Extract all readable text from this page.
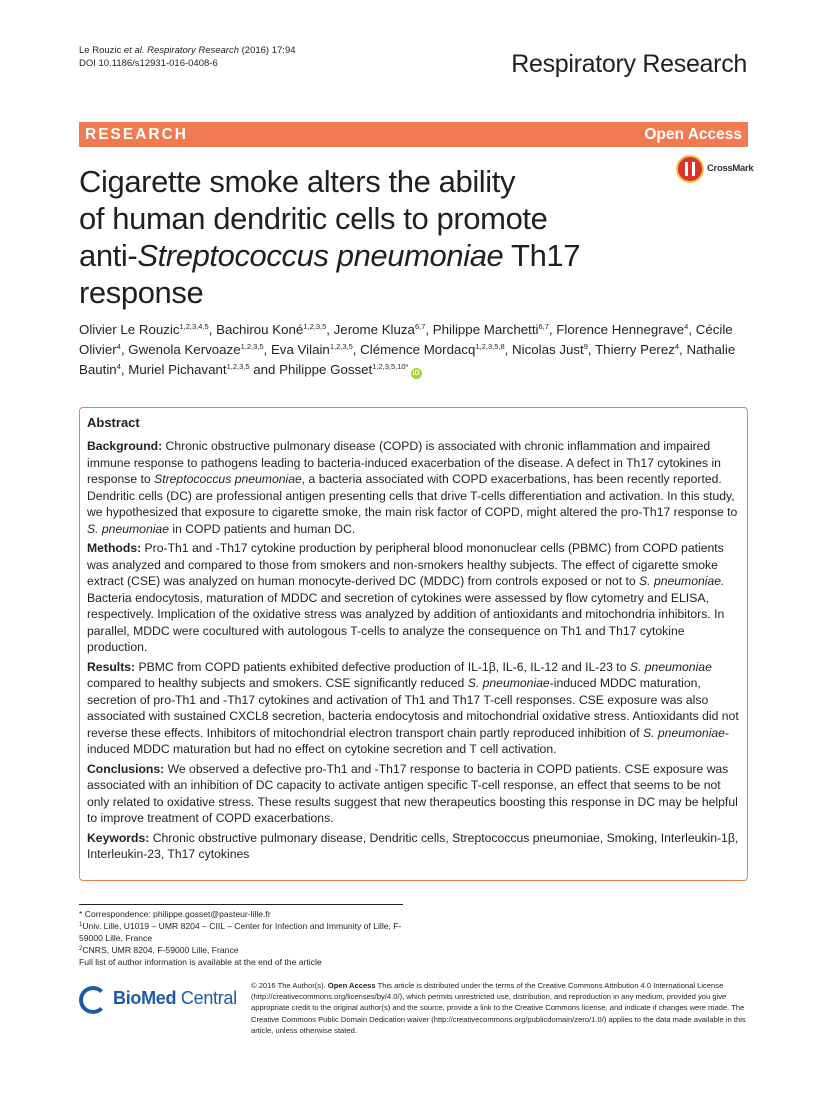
Le Rouzic et al. Respiratory Research (2016) 17:94
DOI 10.1186/s12931-016-0408-6	Respiratory Research
RESEARCH	Open Access
Cigarette smoke alters the ability
of human dendritic cells to promote
anti-Streptococcus pneumoniae Th17
response
CrossMark
Olivier Le Rouzic$^{1,2,3,4,5}$, Bachirou Koné$^{1,2,3,5}$, Jerome Kluza$^{6,7}$, Philippe Marchetti$^{6,7}$, Florence Hennegrave$^4$, Cécile Olivier$^4$, Gwenola Kervoaze$^{1,2,3,5}$, Eva Vilain$^{1,2,3,5}$, Clémence Mordacq$^{1,2,3,5,8}$, Nicolas Just$^9$, Thierry Perez$^4$, Nathalie Bautin$^4$, Muriel Pichavant$^{1,2,3,5}$ and Philippe Gosset$^{1,2,3,5,10*}$iD
Abstract

Background: Chronic obstructive pulmonary disease (COPD) is associated with chronic inflammation and impaired immune response to pathogens leading to bacteria-induced exacerbation of the disease. A defect in Th17 cytokines in response to Streptococcus pneumoniae, a bacteria associated with COPD exacerbations, has been recently reported. Dendritic cells (DC) are professional antigen presenting cells that drive T-cells differentiation and activation. In this study, we hypothesized that exposure to cigarette smoke, the main risk factor of COPD, might altered the pro-Th17 response to S. pneumoniae in COPD patients and human DC.

Methods: Pro-Th1 and -Th17 cytokine production by peripheral blood mononuclear cells (PBMC) from COPD patients was analyzed and compared to those from smokers and non-smokers healthy subjects. The effect of cigarette smoke extract (CSE) was analyzed on human monocyte-derived DC (MDDC) from controls exposed or not to S. pneumoniae. Bacteria endocytosis, maturation of MDDC and secretion of cytokines were assessed by flow cytometry and ELISA, respectively. Implication of the oxidative stress was analyzed by addition of antioxidants and mitochondria inhibitors. In parallel, MDDC were cocultured with autologous T-cells to analyze the consequence on Th1 and Th17 cytokine production.

Results: PBMC from COPD patients exhibited defective production of IL-1β, IL-6, IL-12 and IL-23 to S. pneumoniae compared to healthy subjects and smokers. CSE significantly reduced S. pneumoniae-induced MDDC maturation, secretion of pro-Th1 and -Th17 cytokines and activation of Th1 and Th17 T-cell responses. CSE exposure was also associated with sustained CXCL8 secretion, bacteria endocytosis and mitochondrial oxidative stress. Antioxidants did not reverse these effects. Inhibitors of mitochondrial electron transport chain partly reproduced inhibition of S. pneumoniae-induced MDDC maturation but had no effect on cytokine secretion and T cell activation.

Conclusions: We observed a defective pro-Th1 and -Th17 response to bacteria in COPD patients. CSE exposure was associated with an inhibition of DC capacity to activate antigen specific T-cell response, an effect that seems to be not only related to oxidative stress. These results suggest that new therapeutics boosting this response in DC may be helpful to improve treatment of COPD exacerbations.

Keywords: Chronic obstructive pulmonary disease, Dendritic cells, Streptococcus pneumoniae, Smoking, Interleukin-1β, Interleukin-23, Th17 cytokines

* Correspondence: philippe.gosset@pasteur-lille.fr
$^1$Univ. Lille, U1019 – UMR 8204 – CIIL – Center for Infection and Immunity of Lille, F-59000 Lille, France
$^2$CNRS, UMR 8204, F-59000 Lille, France
Full list of author information is available at the end of the article
BioMed Central
© 2016 The Author(s). Open Access This article is distributed under the terms of the Creative Commons Attribution 4.0 International License (http://creativecommons.org/licenses/by/4.0/), which permits unrestricted use, distribution, and reproduction in any medium, provided you give appropriate credit to the original author(s) and the source, provide a link to the Creative Commons license, and indicate if changes were made. The Creative Commons Public Domain Dedication waiver (http://creativecommons.org/publicdomain/zero/1.0/) applies to the data made available in this article, unless otherwise stated.
